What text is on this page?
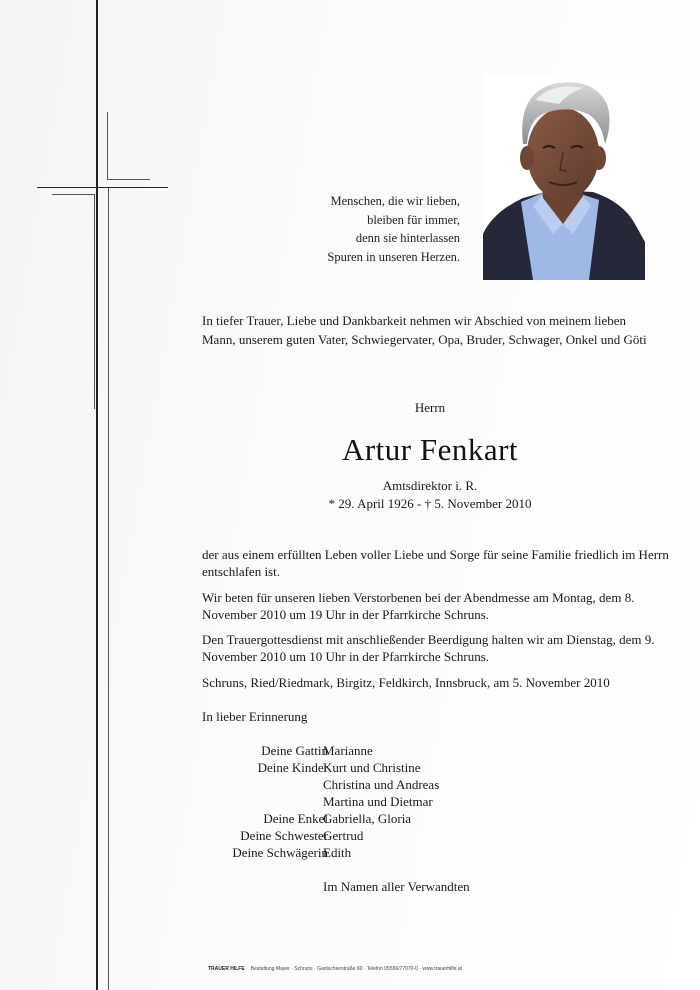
Menschen, die wir lieben,
bleiben für immer,
denn sie hinterlassen
Spuren in unseren Herzen.
In tiefer Trauer, Liebe und Dankbarkeit nehmen wir Abschied von meinem lieben Mann, unserem guten Vater, Schwiegervater, Opa, Bruder, Schwager, Onkel und Göti
Herrn
Artur Fenkart
Amtsdirektor i. R.
* 29. April 1926 - † 5. November 2010
der aus einem erfüllten Leben voller Liebe und Sorge für seine Familie friedlich im Herrn entschlafen ist.
Wir beten für unseren lieben Verstorbenen bei der Abendmesse am Montag, dem 8. November 2010 um 19 Uhr in der Pfarrkirche Schruns.
Den Trauergottesdienst mit anschließender Beerdigung halten wir am Dienstag, dem 9. November 2010 um 10 Uhr in der Pfarrkirche Schruns.
Schruns, Ried/Riedmark, Birgitz, Feldkirch, Innsbruck, am 5. November 2010
In lieber Erinnerung
Deine Gattin
Marianne
Deine Kinder
Kurt und Christine
Christina und Andreas
Martina und Dietmar
Deine Enkel
Gabriella, Gloria
Deine Schwester
Gertrud
Deine Schwägerin
Edith
Im Namen aller Verwandten
TRAUER HILFE Bestattung Mayer · Schruns · Gantschierstraße 60 · Telefon 05556/77070-0 · www.trauerhilfe.at
